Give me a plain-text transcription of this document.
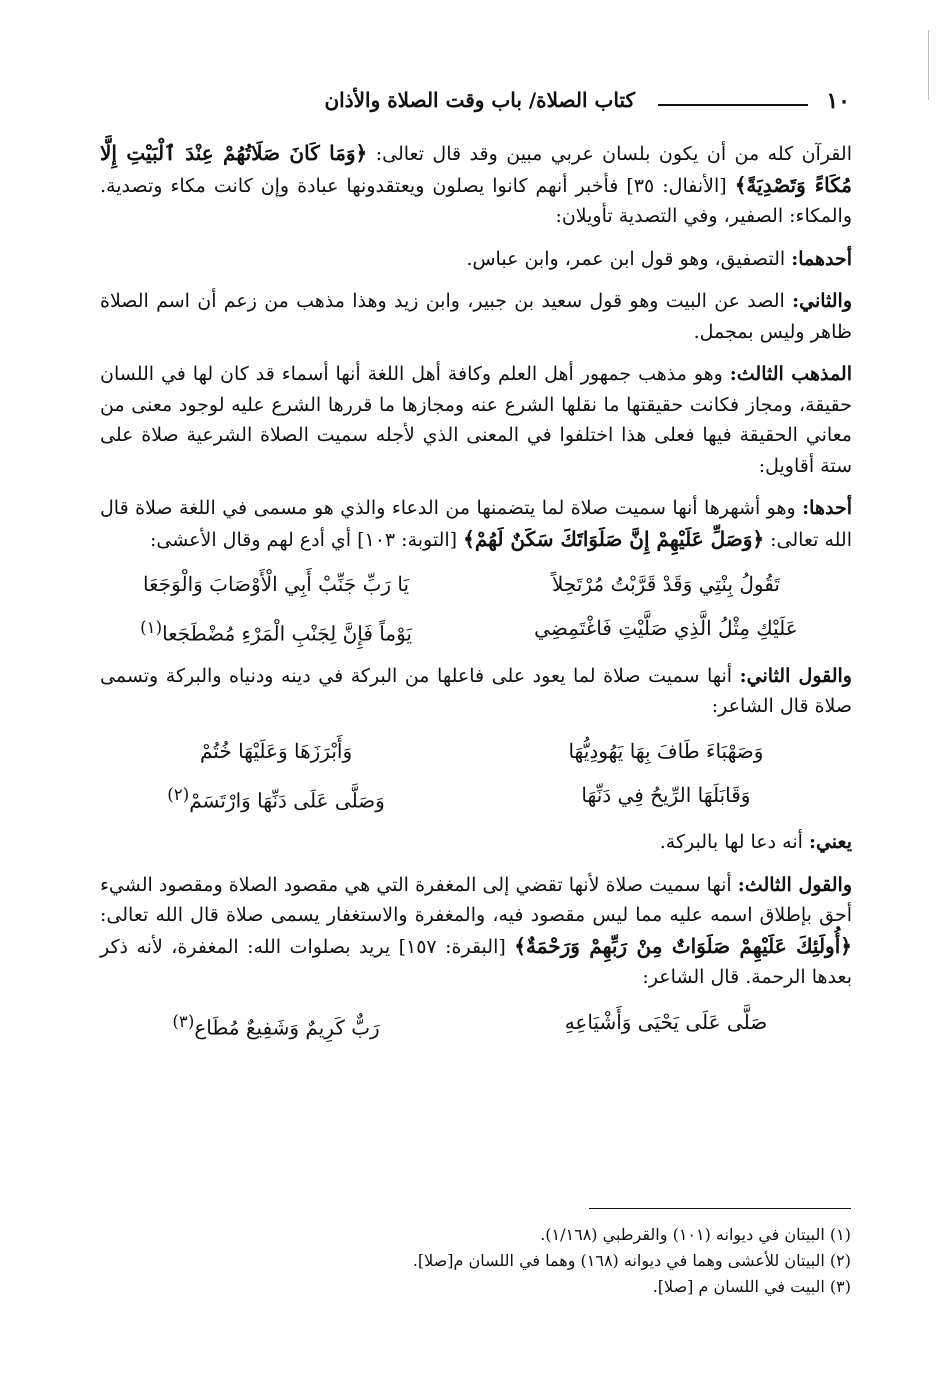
١٠
كتاب الصلاة/ باب وقت الصلاة والأذان

القرآن كله من أن يكون بلسان عربي مبين وقد قال تعالى: ﴿وَمَا كَانَ صَلَاتُهُمْ عِنْدَ ٱلْبَيْتِ إِلَّا مُكَاءً وَتَصْدِيَةً﴾ [الأنفال: ٣٥] فأخبر أنهم كانوا يصلون ويعتقدونها عبادة وإن كانت مكاء وتصدية. والمكاء: الصفير، وفي التصدية تأويلان:

أحدهما: التصفيق، وهو قول ابن عمر، وابن عباس.

والثاني: الصد عن البيت وهو قول سعيد بن جبير، وابن زيد وهذا مذهب من زعم أن اسم الصلاة ظاهر وليس بمجمل.

المذهب الثالث: وهو مذهب جمهور أهل العلم وكافة أهل اللغة أنها أسماء قد كان لها في اللسان حقيقة، ومجاز فكانت حقيقتها ما نقلها الشرع عنه ومجازها ما قررها الشرع عليه لوجود معنى من معاني الحقيقة فيها فعلى هذا اختلفوا في المعنى الذي لأجله سميت الصلاة الشرعية صلاة على ستة أقاويل:

أحدها: وهو أشهرها أنها سميت صلاة لما يتضمنها من الدعاء والذي هو مسمى في اللغة صلاة قال الله تعالى: ﴿وَصَلِّ عَلَيْهِمْ إِنَّ صَلَوَاتَكَ سَكَنٌ لَهُمْ﴾ [التوبة: ١٠٣] أي أدع لهم وقال الأعشى:

تَقُولُ بِنْتِي وَقَدْ قَرَّبْتُ مُرْتَحِلاً
يَا رَبِّ جَنِّبْ أَبِي الْأَوْصَابَ وَالْوَجَعَا
عَلَيْكِ مِثْلُ الَّذِي صَلَّيْتِ فَاغْتَمِضِي
يَوْماً فَإِنَّ لِجَنْبِ الْمَرْءِ مُضْطَجَعا$^{(١)}$

والقول الثاني: أنها سميت صلاة لما يعود على فاعلها من البركة في دينه ودنياه والبركة وتسمى صلاة قال الشاعر:

وَصَهْبَاءَ طَافَ بِهَا يَهُودِيُّهَا
وَأَبْرَزَهَا وَعَلَيْهَا خُتُمْ
وَقَابَلَهَا الرِّيحُ فِي دَنِّهَا
وَصَلَّى عَلَى دَنِّهَا وَارْتَسَمْ$^{(٢)}$

يعني: أنه دعا لها بالبركة.

والقول الثالث: أنها سميت صلاة لأنها تقضي إلى المغفرة التي هي مقصود الصلاة ومقصود الشيء أحق بإطلاق اسمه عليه مما ليس مقصود فيه، والمغفرة والاستغفار يسمى صلاة قال الله تعالى: ﴿أُولَئِكَ عَلَيْهِمْ صَلَوَاتٌ مِنْ رَبِّهِمْ وَرَحْمَةٌ﴾ [البقرة: ١٥٧] يريد بصلوات الله: المغفرة، لأنه ذكر بعدها الرحمة. قال الشاعر:

صَلَّى عَلَى يَحْيَى وَأَشْيَاعِهِ
رَبٌّ كَرِيمٌ وَشَفِيعٌ مُطَاع$^{(٣)}$
(١) البيتان في ديوانه (١٠١) والقرطبي (١/١٦٨).
(٢) البيتان للأعشى وهما في ديوانه (١٦٨) وهما في اللسان م[صلا].
(٣) البيت في اللسان م [صلا].
